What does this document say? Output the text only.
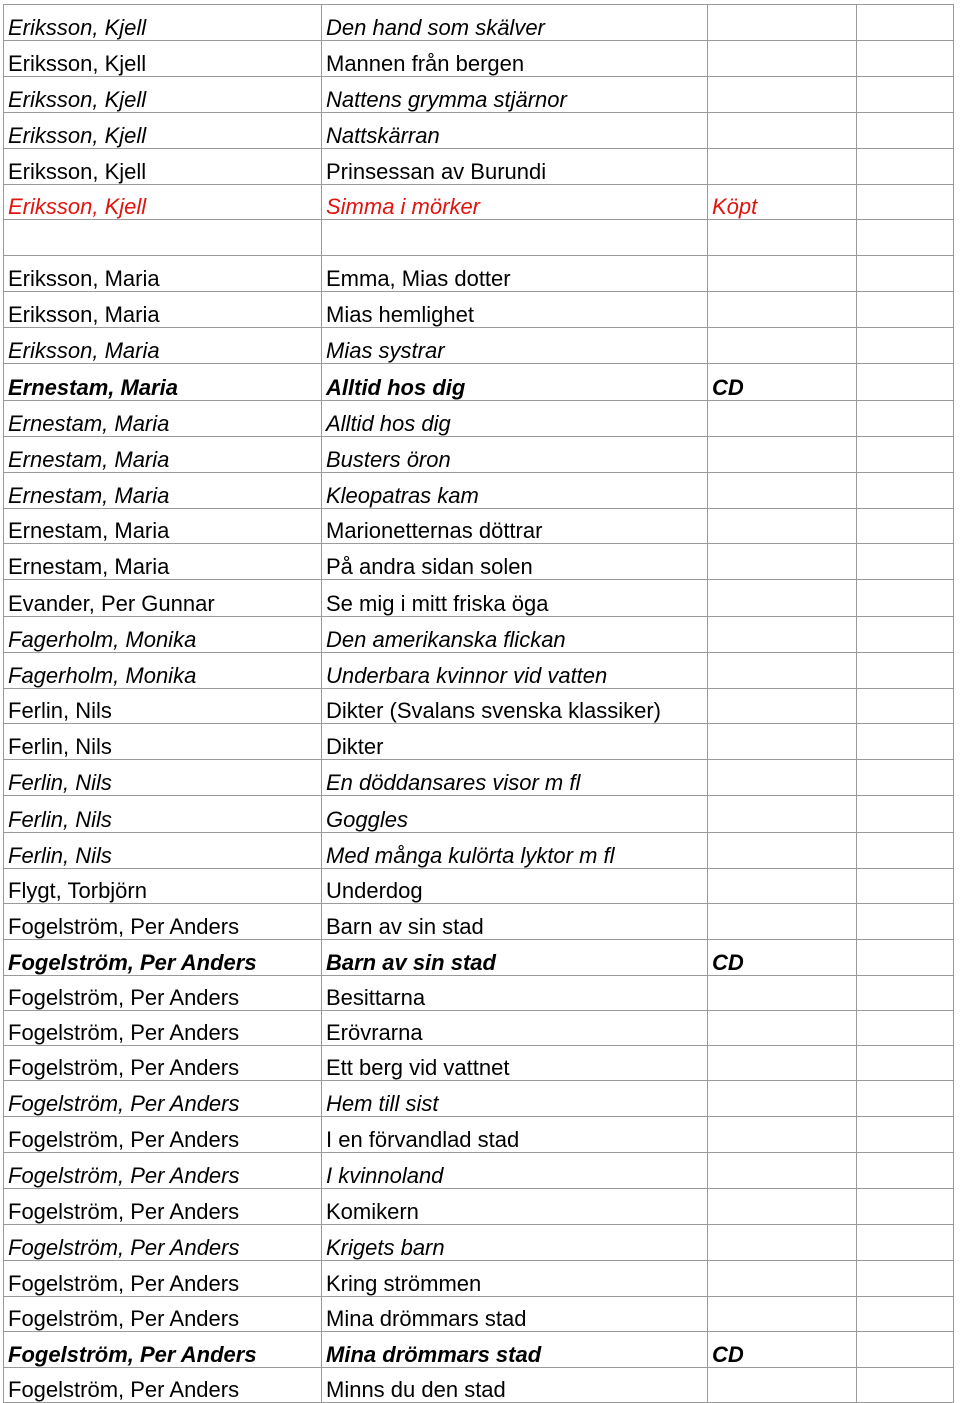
Eriksson, Kjell	Den hand som skälver		
Eriksson, Kjell	Mannen från bergen		
Eriksson, Kjell	Nattens grymma stjärnor		
Eriksson, Kjell	Nattskärran		
Eriksson, Kjell	Prinsessan av Burundi		
Eriksson, Kjell	Simma i mörker	Köpt	

Eriksson, Maria	Emma, Mias dotter		
Eriksson, Maria	Mias hemlighet		
Eriksson, Maria	Mias systrar		
Ernestam, Maria	Alltid hos dig	CD	
Ernestam, Maria	Alltid hos dig		
Ernestam, Maria	Busters öron		
Ernestam, Maria	Kleopatras kam		
Ernestam, Maria	Marionetternas döttrar		
Ernestam, Maria	På andra sidan solen		
Evander, Per Gunnar	Se mig i mitt friska öga		
Fagerholm, Monika	Den amerikanska flickan		
Fagerholm, Monika	Underbara kvinnor vid vatten		
Ferlin, Nils	Dikter (Svalans svenska klassiker)		
Ferlin, Nils	Dikter		
Ferlin, Nils	En döddansares visor m fl		
Ferlin, Nils	Goggles		
Ferlin, Nils	Med många kulörta lyktor m fl		
Flygt, Torbjörn	Underdog		
Fogelström, Per Anders	Barn av sin stad		
Fogelström, Per Anders	Barn av sin stad	CD	
Fogelström, Per Anders	Besittarna		
Fogelström, Per Anders	Erövrarna		
Fogelström, Per Anders	Ett berg vid vattnet		
Fogelström, Per Anders	Hem till sist		
Fogelström, Per Anders	I en förvandlad stad		
Fogelström, Per Anders	I kvinnoland		
Fogelström, Per Anders	Komikern		
Fogelström, Per Anders	Krigets barn		
Fogelström, Per Anders	Kring strömmen		
Fogelström, Per Anders	Mina drömmars stad		
Fogelström, Per Anders	Mina drömmars stad	CD	
Fogelström, Per Anders	Minns du den stad		
